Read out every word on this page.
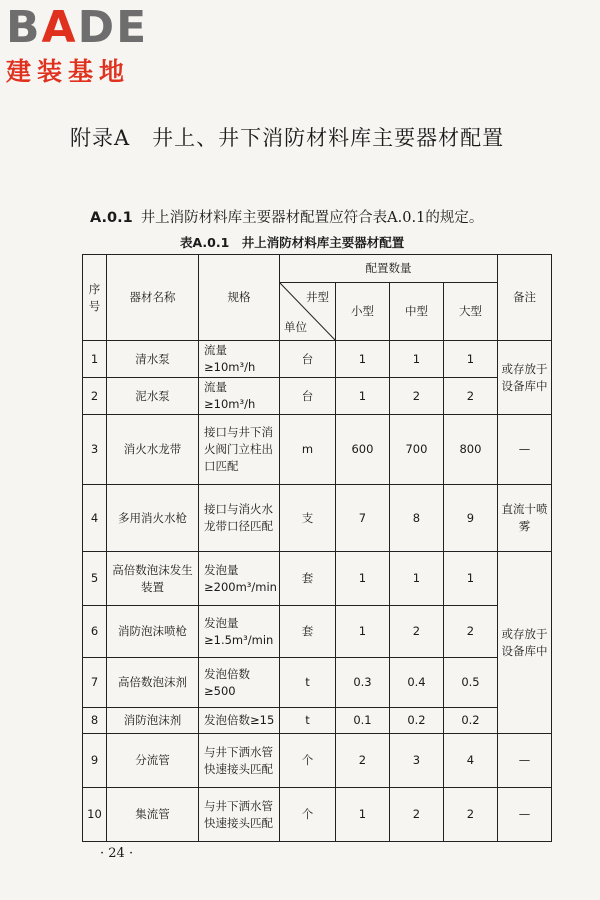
BADE
建装基地
附录A　井上、井下消防材料库主要器材配置
A.0.1 井上消防材料库主要器材配置应符合表A.0.1的规定。
表A.0.1　井上消防材料库主要器材配置
序号	器材名称	规格	配置数量				备注

			井型
单位	小型	中型	大型	
1	清水泵	流量≥10m³/h	台	1	1	1	或存放于设备库中
2	泥水泵	流量≥10m³/h	台	1	2	2	
3	消火水龙带	接口与井下消火阀门立柱出口匹配	m	600	700	800	—
4	多用消火水枪	接口与消火水龙带口径匹配	支	7	8	9	直流十喷雾
5	高倍数泡沫发生装置	发泡量≥200m³/min	套	1	1	1	或存放于设备库中
6	消防泡沫喷枪	发泡量≥1.5m³/min	套	1	2	2	
7	高倍数泡沫剂	发泡倍数≥500	t	0.3	0.4	0.5	
8	消防泡沫剂	发泡倍数≥15	t	0.1	0.2	0.2	
9	分流管	与井下洒水管快速接头匹配	个	2	3	4	—
10	集流管	与井下洒水管快速接头匹配	个	1	2	2	—
· 24 ·
